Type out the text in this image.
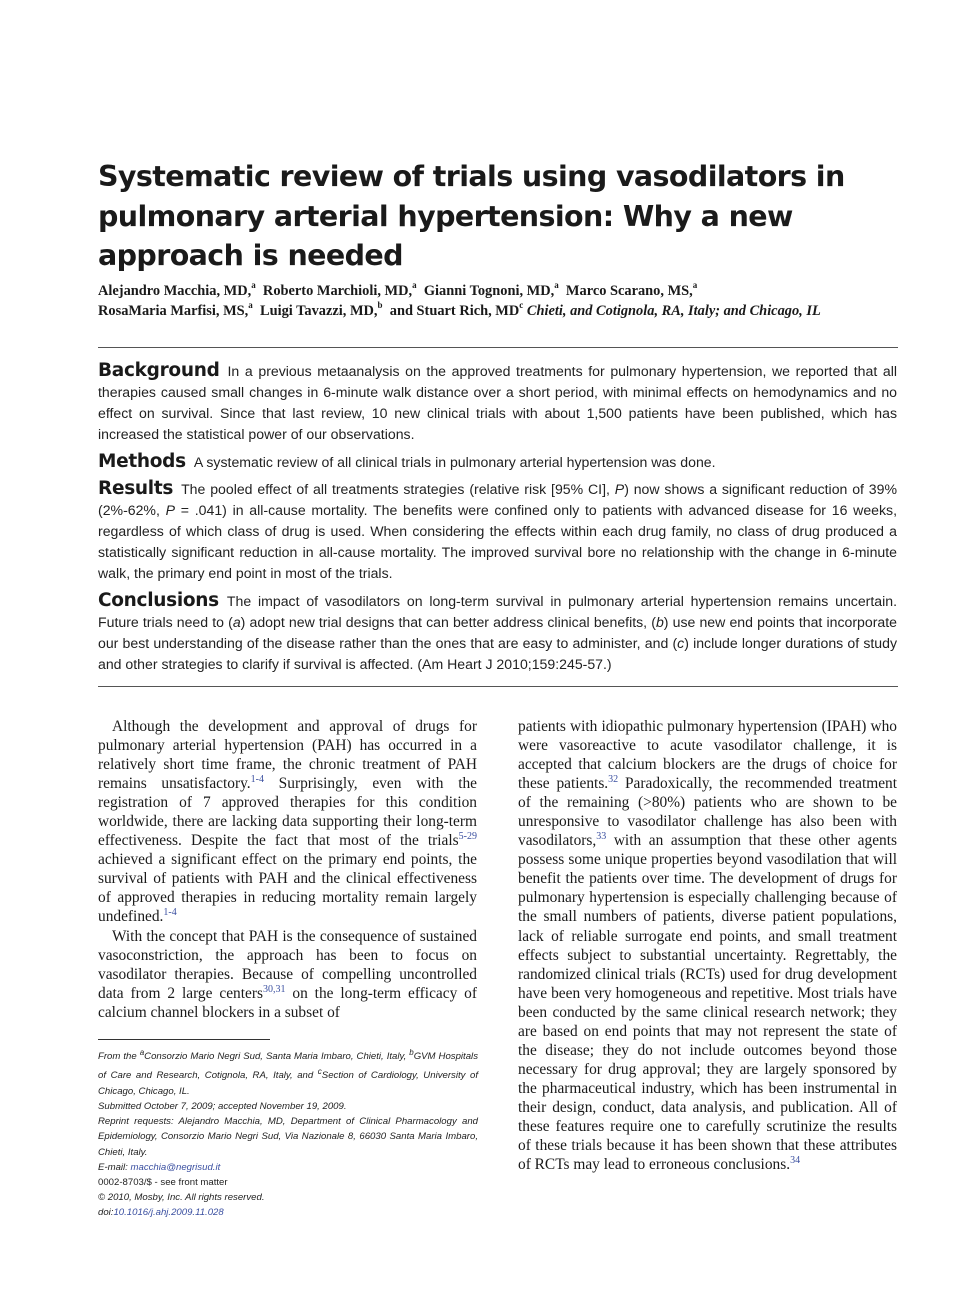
Systematic review of trials using vasodilators in pulmonary arterial hypertension: Why a new approach is needed
Alejandro Macchia, MD,$^a$ Roberto Marchioli, MD,$^a$ Gianni Tognoni, MD,$^a$ Marco Scarano, MS,$^a$
RosaMaria Marfisi, MS,$^a$ Luigi Tavazzi, MD,$^b$ and Stuart Rich, $MD^c$ Chieti, and Cotignola, RA, Italy; and Chicago, IL

Background In a previous metaanalysis on the approved treatments for pulmonary hypertension, we reported that all therapies caused small changes in 6-minute walk distance over a short period, with minimal effects on hemodynamics and no effect on survival. Since that last review, 10 new clinical trials with about 1,500 patients have been published, which has increased the statistical power of our observations.

Methods A systematic review of all clinical trials in pulmonary arterial hypertension was done.

Results The pooled effect of all treatments strategies (relative risk [95% CI], P) now shows a significant reduction of 39% (2%-62%, P = .041) in all-cause mortality. The benefits were confined only to patients with advanced disease for 16 weeks, regardless of which class of drug is used. When considering the effects within each drug family, no class of drug produced a statistically significant reduction in all-cause mortality. The improved survival bore no relationship with the change in 6-minute walk, the primary end point in most of the trials.

Conclusions The impact of vasodilators on long-term survival in pulmonary arterial hypertension remains uncertain. Future trials need to (a) adopt new trial designs that can better address clinical benefits, (b) use new end points that incorporate our best understanding of the disease rather than the ones that are easy to administer, and (c) include longer durations of study and other strategies to clarify if survival is affected. (Am Heart J 2010;159:245-57.)

Although the development and approval of drugs for pulmonary arterial hypertension (PAH) has occurred in a relatively short time frame, the chronic treatment of PAH remains unsatisfactory.$^{1-4}$ Surprisingly, even with the registration of 7 approved therapies for this condition worldwide, there are lacking data supporting their long-term effectiveness. Despite the fact that most of the trials$^{5-29}$ achieved a significant effect on the primary end points, the survival of patients with PAH and the clinical effectiveness of approved therapies in reducing mortality remain largely undefined.$^{1-4}$

With the concept that PAH is the consequence of sustained vasoconstriction, the approach has been to focus on vasodilator therapies. Because of compelling uncontrolled data from 2 large centers$^{30,31}$ on the long-term efficacy of calcium channel blockers in a subset of

patients with idiopathic pulmonary hypertension (IPAH) who were vasoreactive to acute vasodilator challenge, it is accepted that calcium blockers are the drugs of choice for these patients.$^{32}$ Paradoxically, the recommended treatment of the remaining (>80%) patients who are shown to be unresponsive to vasodilator challenge has also been with vasodilators,$^{33}$ with an assumption that these other agents possess some unique properties beyond vasodilation that will benefit the patients over time. The development of drugs for pulmonary hypertension is especially challenging because of the small numbers of patients, diverse patient populations, lack of reliable surrogate end points, and small treatment effects subject to substantial uncertainty. Regrettably, the randomized clinical trials (RCTs) used for drug development have been very homogeneous and repetitive. Most trials have been conducted by the same clinical research network; they are based on end points that may not represent the state of the disease; they do not include outcomes beyond those necessary for drug approval; they are largely sponsored by the pharmaceutical industry, which has been instrumental in their design, conduct, data analysis, and publication. All of these features require one to carefully scrutinize the results of these trials because it has been shown that these attributes of RCTs may lead to erroneous conclusions.$^{34}$

From the $^a$Consorzio Mario Negri Sud, Santa Maria Imbaro, Chieti, Italy, $^b$GVM Hospitals of Care and Research, Cotignola, RA, Italy, and $^c$Section of Cardiology, University of Chicago, Chicago, IL.
Submitted October 7, 2009; accepted November 19, 2009.
Reprint requests: Alejandro Macchia, MD, Department of Clinical Pharmacology and Epidemiology, Consorzio Mario Negri Sud, Via Nazionale 8, 66030 Santa Maria Imbaro, Chieti, Italy.
E-mail: macchia@negrisud.it
0002-8703/$ - see front matter
© 2010, Mosby, Inc. All rights reserved.
doi:10.1016/j.ahj.2009.11.028
